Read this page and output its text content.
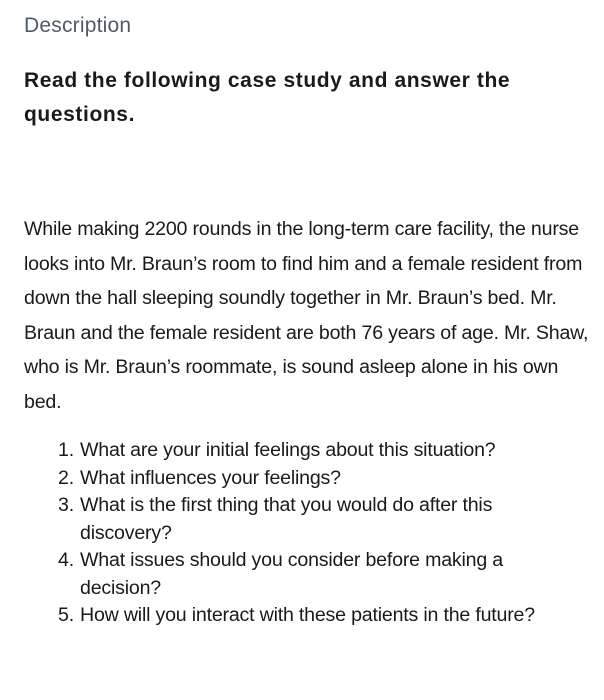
Description

Read the following case study and answer the questions.

While making 2200 rounds in the long-term care facility, the nurse looks into Mr. Braun’s room to find him and a female resident from down the hall sleeping soundly together in Mr. Braun’s bed. Mr. Braun and the female resident are both 76 years of age. Mr. Shaw, who is Mr. Braun’s roommate, is sound asleep alone in his own bed.

1. What are your initial feelings about this situation?
2. What influences your feelings?
3. What is the first thing that you would do after this discovery?
4. What issues should you consider before making a decision?
5. How will you interact with these patients in the future?
